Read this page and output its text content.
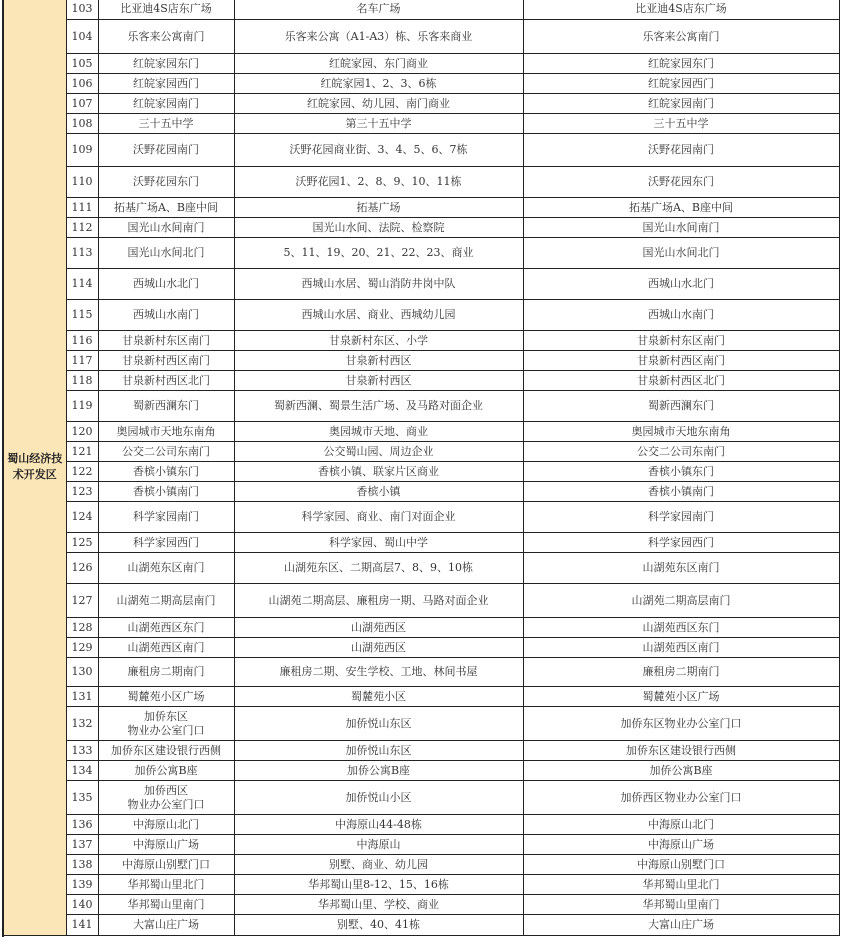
蜀山经济技术开发区	103	比亚迪4S店东广场	名车广场	比亚迪4S店东广场
	104	乐客来公寓南门	乐客来公寓（A1-A3）栋、乐客来商业	乐客来公寓南门
	105	红皖家园东门	红皖家园、东门商业	红皖家园东门
	106	红皖家园西门	红皖家园1、2、3、6栋	红皖家园西门
	107	红皖家园南门	红皖家园、幼儿园、南门商业	红皖家园南门
	108	三十五中学	第三十五中学	三十五中学
	109	沃野花园南门	沃野花园商业街、3、4、5、6、7栋	沃野花园南门
	110	沃野花园东门	沃野花园1、2、8、9、10、11栋	沃野花园东门
	111	拓基广场A、B座中间	拓基广场	拓基广场A、B座中间
	112	国光山水间南门	国光山水间、法院、检察院	国光山水间南门
	113	国光山水间北门	5、11、19、20、21、22、23、商业	国光山水间北门
	114	西城山水北门	西城山水居、蜀山消防井岗中队	西城山水北门
	115	西城山水南门	西城山水居、商业、西城幼儿园	西城山水南门
	116	甘泉新村东区南门	甘泉新村东区、小学	甘泉新村东区南门
	117	甘泉新村西区南门	甘泉新村西区	甘泉新村西区南门
	118	甘泉新村西区北门	甘泉新村西区	甘泉新村西区北门
	119	蜀新西澜东门	蜀新西澜、蜀景生活广场、及马路对面企业	蜀新西澜东门
	120	奥园城市天地东南角	奥园城市天地、商业	奥园城市天地东南角
	121	公交二公司东南门	公交蜀山园、周边企业	公交二公司东南门
	122	香槟小镇东门	香槟小镇、联家片区商业	香槟小镇东门
	123	香槟小镇南门	香槟小镇	香槟小镇南门
	124	科学家园南门	科学家园、商业、南门对面企业	科学家园南门
	125	科学家园西门	科学家园、蜀山中学	科学家园西门
	126	山湖苑东区南门	山湖苑东区、二期高层7、8、9、10栋	山湖苑东区南门
	127	山湖苑二期高层南门	山湖苑二期高层、廉租房一期、马路对面企业	山湖苑二期高层南门
	128	山湖苑西区东门	山湖苑西区	山湖苑西区东门
	129	山湖苑西区南门	山湖苑西区	山湖苑西区南门
	130	廉租房二期南门	廉租房二期、安生学校、工地、林间书屋	廉租房二期南门
	131	蜀麓苑小区广场	蜀麓苑小区	蜀麓苑小区广场
	132	加侨东区
物业办公室门口	加侨悦山东区	加侨东区物业办公室门口
	133	加侨东区建设银行西侧	加侨悦山东区	加侨东区建设银行西侧
	134	加侨公寓B座	加侨公寓B座	加侨公寓B座
	135	加侨西区
物业办公室门口	加侨悦山小区	加侨西区物业办公室门口
	136	中海原山北门	中海原山44-48栋	中海原山北门
	137	中海原山广场	中海原山	中海原山广场
	138	中海原山别墅门口	别墅、商业、幼儿园	中海原山别墅门口
	139	华邦蜀山里北门	华邦蜀山里8-12、15、16栋	华邦蜀山里北门
	140	华邦蜀山里南门	华邦蜀山里、学校、商业	华邦蜀山里南门
	141	大富山庄广场	别墅、40、41栋	大富山庄广场
